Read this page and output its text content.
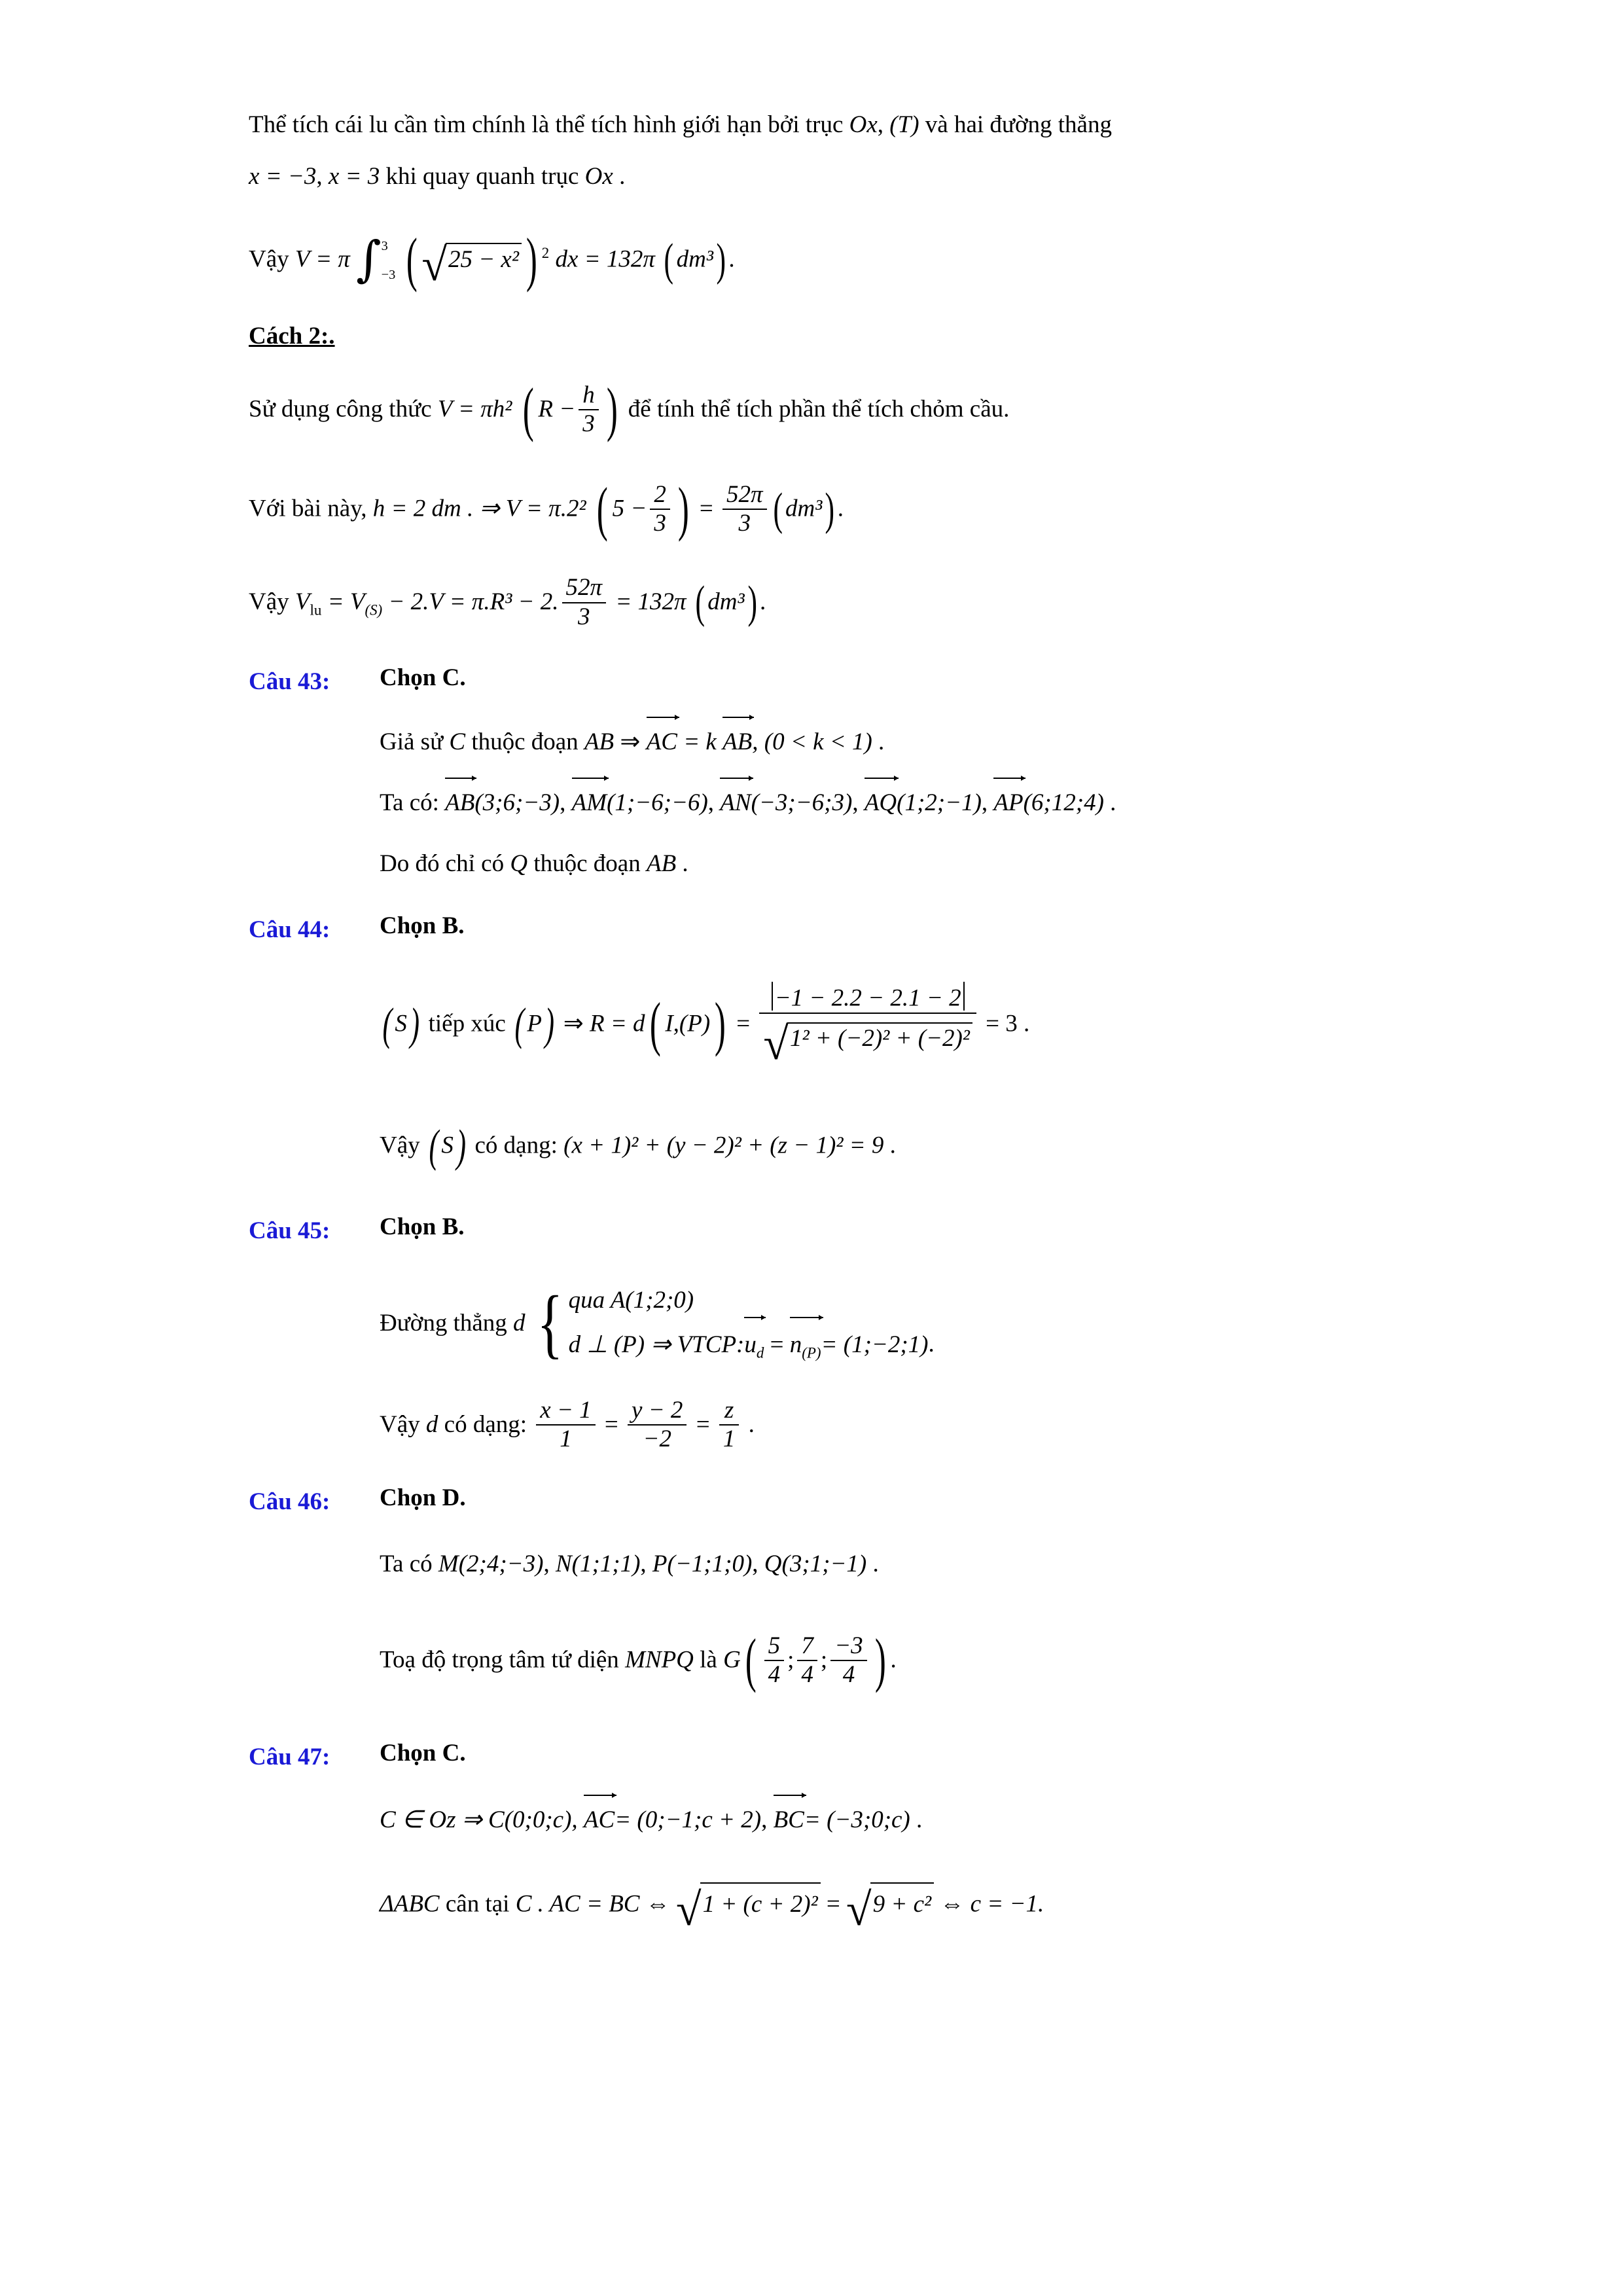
Thể tích cái lu cần tìm chính là thể tích hình giới hạn bởi trục Ox, (T) và hai đường thẳng
x = −3, x = 3 khi quay quanh trục Ox .
Vậy V = π ∫ 3
−3 (√25 − x² ) $^2$ dx = 132π ( dm³) .
Cách 2:.
Sử dụng công thức V = πh² ( $R - \frac{h}{3}$ ) để tính thể tích phần thể tích chỏm cầu.
Với bài này, h = 2 dm . ⇒ V = π.2² ( $5 - \frac{2}{3}$ ) = $\frac{52\pi}{3}$ ( dm³) .
Vậy $V_{lu} = V_{(S)} - 2.V = \pi.R^3 - 2$. $\frac{52\pi}{3} = 132\pi$ ( dm³) .
Câu 43:	Chọn C.
Giả sử C thuộc đoạn AB ⇒ AC = k AB, (0 < k < 1) .
Ta có: AB(3;6;−3), AM(1;−6;−6), AN(−3;−6;3), AQ(1;2;−1), AP(6;12;4) .
Do đó chỉ có Q thuộc đoạn AB .
Câu 44:	Chọn B.
( S) tiếp xúc ( P) ⇒ R = d( $I,(P)) = \frac{-1 - 2.2 - 2.1 - 2}{\text{√1² + (−2)² + (−2)²}} = 3$ .
Vậy ( S) có dạng: (x + 1)² + (y − 2)² + (z − 1)² = 9 .
Câu 45:	Chọn B.
Đường thẳng
d
{ qua A(1;2;0)
d ⊥ (P) ⇒ $VTCP:u_d = n_{(P)}=$ (1;−2;1) .
Vậy d có dạng: $\frac{x - 1}{1} = \frac{y - 2}{-2} = \frac{z}{1}$ .
Câu 46:	Chọn D.
Ta có M(2;4;−3), N(1;1;1), P(−1;1;0), Q(3;1;−1) .
Toạ độ trọng tâm tứ diện MNPQ là $G( \frac{5}{4}$ ; $\frac{7}{4}$ ; $\frac{-3}{4}$ ) .
Câu 47:	Chọn C.
C ∈ Oz ⇒ C(0;0;c), AC= (0;−1;c + 2), BC= (−3;0;c) .
ΔABC cân tại C . AC = BC ⇔ √1 + (c + 2)² = √9 + c² ⇔ c = −1.
